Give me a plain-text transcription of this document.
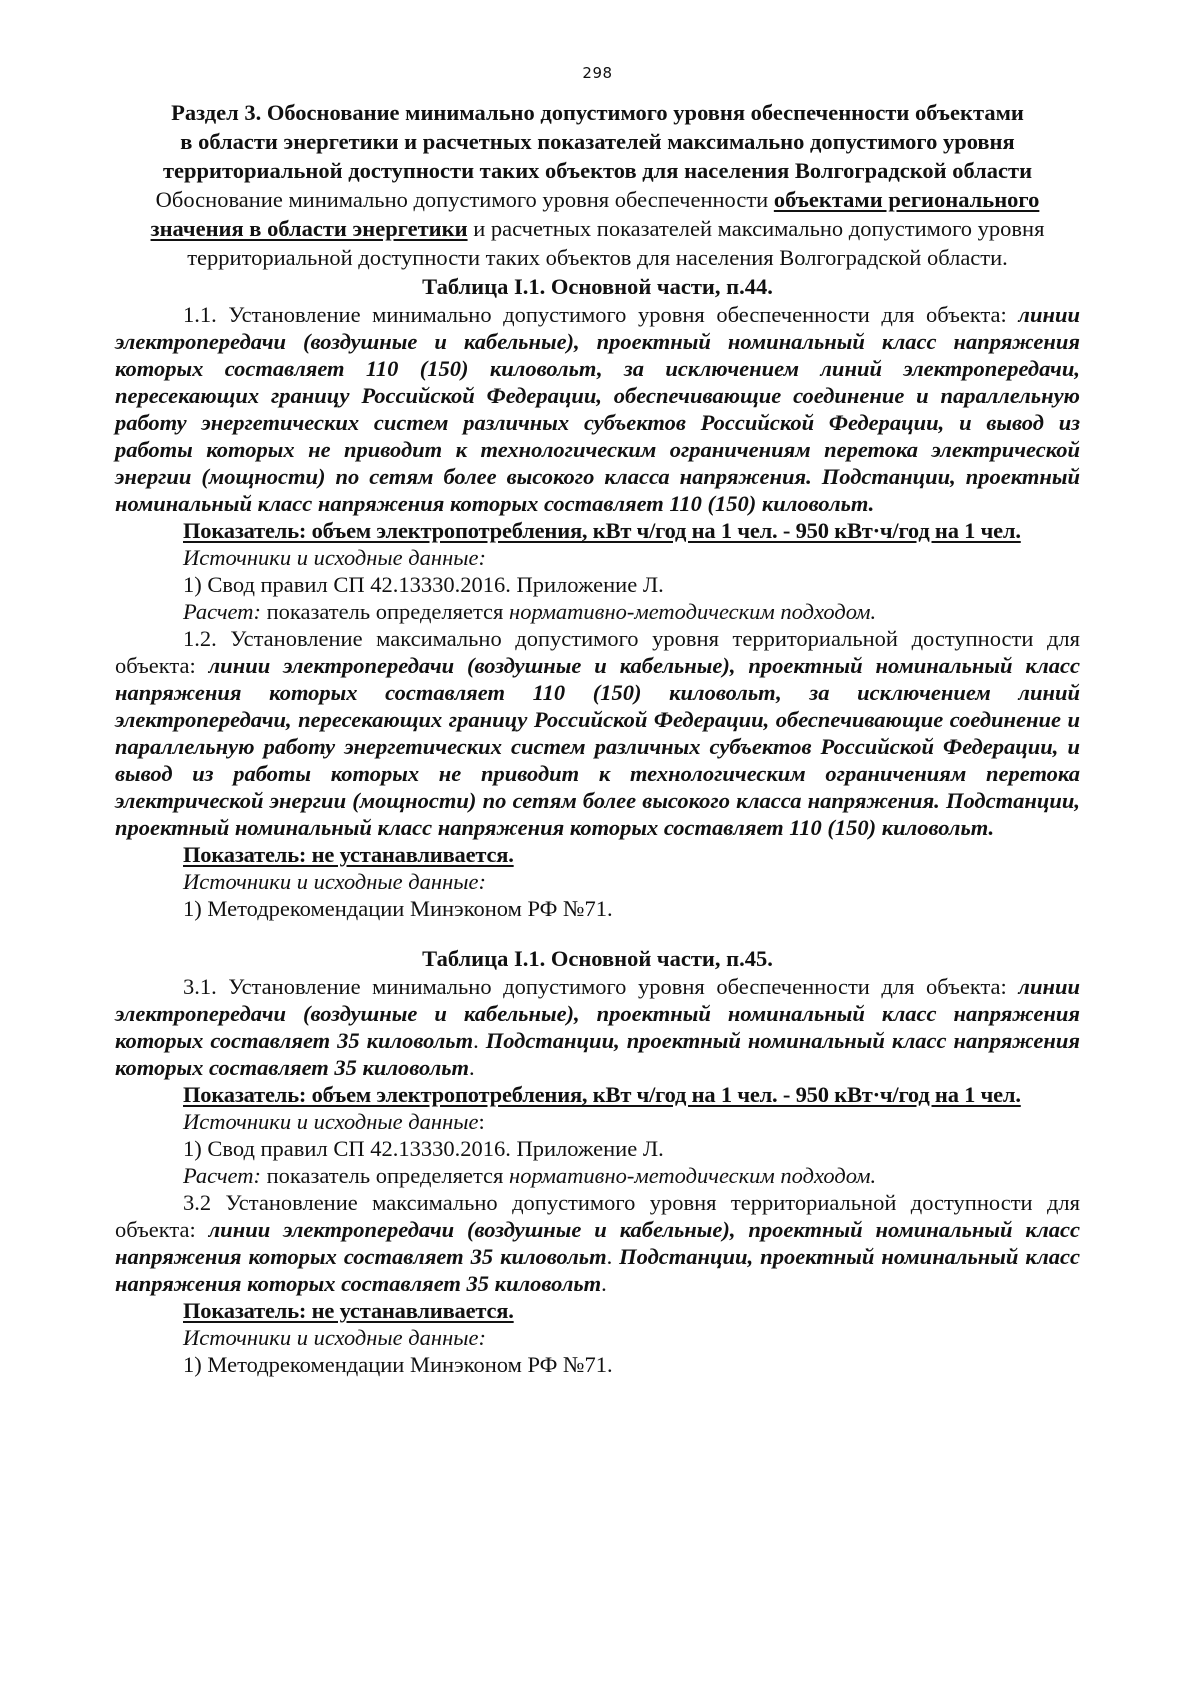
298
Раздел 3. Обоснование минимально допустимого уровня обеспеченности объектами
в области энергетики и расчетных показателей максимально допустимого уровня
территориальной доступности таких объектов для населения Волгоградской области
Обоснование минимально допустимого уровня обеспеченности объектами регионального
значения в области энергетики и расчетных показателей максимально допустимого уровня
территориальной доступности таких объектов для населения Волгоградской области.

Таблица I.1. Основной части, п.44.

1.1. Установление минимально допустимого уровня обеспеченности для объекта: линии электропередачи (воздушные и кабельные), проектный номинальный класс напряжения которых составляет 110 (150) киловольт, за исключением линий электропередачи, пересекающих границу Российской Федерации, обеспечивающие соединение и параллельную работу энергетических систем различных субъектов Российской Федерации, и вывод из работы которых не приводит к технологическим ограничениям перетока электрической энергии (мощности) по сетям более высокого класса напряжения. Подстанции, проектный номинальный класс напряжения которых составляет 110 (150) киловольт.

Показатель: объем электропотребления, кВт ч/год на 1 чел. - 950 кВт·ч/год на 1 чел.

Источники и исходные данные:

1) Свод правил СП 42.13330.2016. Приложение Л.

Расчет: показатель определяется нормативно-методическим подходом.

1.2. Установление максимально допустимого уровня территориальной доступности для объекта: линии электропередачи (воздушные и кабельные), проектный номинальный класс напряжения которых составляет 110 (150) киловольт, за исключением линий электропередачи, пересекающих границу Российской Федерации, обеспечивающие соединение и параллельную работу энергетических систем различных субъектов Российской Федерации, и вывод из работы которых не приводит к технологическим ограничениям перетока электрической энергии (мощности) по сетям более высокого класса напряжения. Подстанции, проектный номинальный класс напряжения которых составляет 110 (150) киловольт.

Показатель: не устанавливается.

Источники и исходные данные:

1) Методрекомендации Минэконом РФ №71.

Таблица I.1. Основной части, п.45.

3.1. Установление минимально допустимого уровня обеспеченности для объекта: линии электропередачи (воздушные и кабельные), проектный номинальный класс напряжения которых составляет 35 киловольт. Подстанции, проектный номинальный класс напряжения которых составляет 35 киловольт.

Показатель: объем электропотребления, кВт ч/год на 1 чел. - 950 кВт·ч/год на 1 чел.

Источники и исходные данные:

1) Свод правил СП 42.13330.2016. Приложение Л.

Расчет: показатель определяется нормативно-методическим подходом.

3.2 Установление максимально допустимого уровня территориальной доступности для объекта: линии электропередачи (воздушные и кабельные), проектный номинальный класс напряжения которых составляет 35 киловольт. Подстанции, проектный номинальный класс напряжения которых составляет 35 киловольт.

Показатель: не устанавливается.

Источники и исходные данные:

1) Методрекомендации Минэконом РФ №71.
